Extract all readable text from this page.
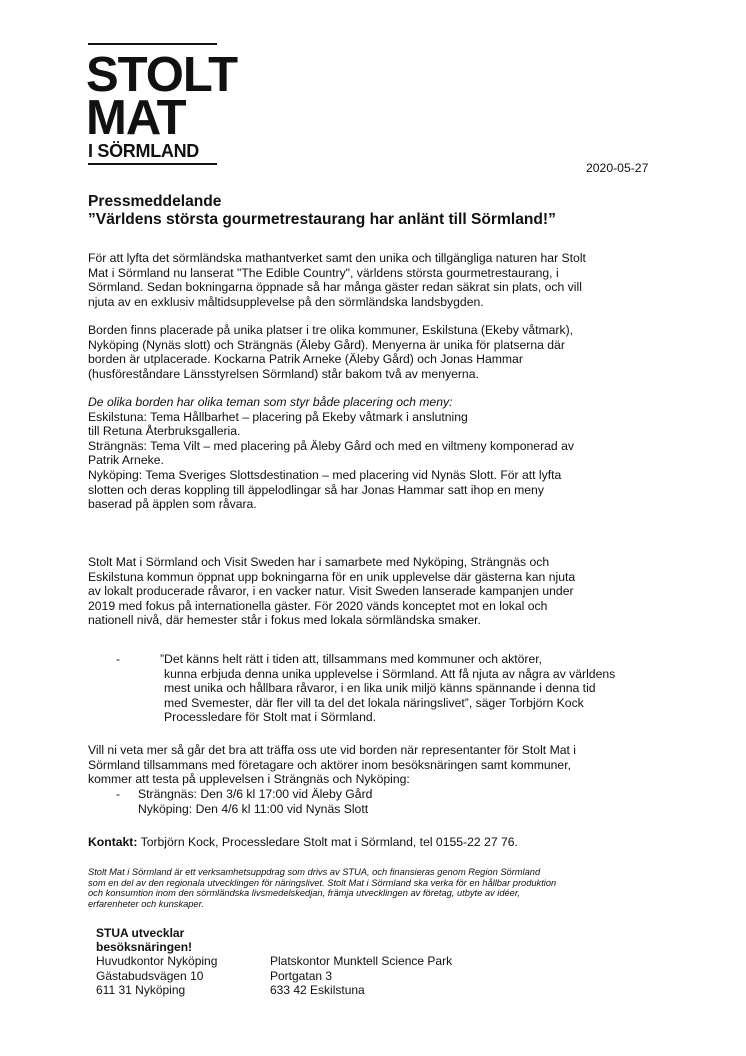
STOLT
MAT
I SÖRMLAND
2020-05-27
Pressmeddelande
”Världens största gourmetrestaurang har anlänt till Sörmland!”

För att lyfta det sörmländska mathantverket samt den unika och tillgängliga naturen har Stolt

Mat i Sörmland nu lanserat "The Edible Country", världens största gourmetrestaurang, i

Sörmland. Sedan bokningarna öppnade så har många gäster redan säkrat sin plats, och vill

njuta av en exklusiv måltidsupplevelse på den sörmländska landsbygden.

Borden finns placerade på unika platser i tre olika kommuner, Eskilstuna (Ekeby våtmark),

Nyköping (Nynäs slott) och Strängnäs (Äleby Gård). Menyerna är unika för platserna där

borden är utplacerade. Kockarna Patrik Arneke (Äleby Gård) och Jonas Hammar

(husföreståndare Länsstyrelsen Sörmland) står bakom två av menyerna.

De olika borden har olika teman som styr både placering och meny:

Eskilstuna: Tema Hållbarhet – placering på Ekeby våtmark i anslutning

till Retuna Återbruksgalleria.

Strängnäs: Tema Vilt – med placering på Äleby Gård och med en viltmeny komponerad av

Patrik Arneke.

Nyköping: Tema Sveriges Slottsdestination – med placering vid Nynäs Slott. För att lyfta

slotten och deras koppling till äppelodlingar så har Jonas Hammar satt ihop en meny

baserad på äpplen som råvara.

Stolt Mat i Sörmland och Visit Sweden har i samarbete med Nyköping, Strängnäs och

Eskilstuna kommun öppnat upp bokningarna för en unik upplevelse där gästerna kan njuta

av lokalt producerade råvaror, i en vacker natur. Visit Sweden lanserade kampanjen under

2019 med fokus på internationella gäster. För 2020 vänds konceptet mot en lokal och

nationell nivå, där hemester står i fokus med lokala sörmländska smaker.

-	”Det känns helt rätt i tiden att, tillsammans med kommuner och aktörer,
kunna erbjuda denna unika upplevelse i Sörmland. Att få njuta av några av världens
mest unika och hållbara råvaror, i en lika unik miljö känns spännande i denna tid
med Svemester, där fler vill ta del det lokala näringslivet”, säger Torbjörn Kock
Processledare för Stolt mat i Sörmland.

Vill ni veta mer så går det bra att träffa oss ute vid borden när representanter för Stolt Mat i

Sörmland tillsammans med företagare och aktörer inom besöksnäringen samt kommuner,

kommer att testa på upplevelsen i Strängnäs och Nyköping:

- Strängnäs: Den 3/6 kl 17:00 vid Äleby Gård
Nyköping: Den 4/6 kl 11:00 vid Nynäs Slott
Kontakt: Torbjörn Kock, Processledare Stolt mat i Sörmland, tel 0155-22 27 76.
Stolt Mat i Sörmland är ett verksamhetsuppdrag som drivs av STUA, och finansieras genom Region Sörmland
som en del av den regionala utvecklingen för näringslivet. Stolt Mat i Sörmland ska verka för en hållbar produktion
och konsumtion inom den sörmländska livsmedelskedjan, främja utvecklingen av företag, utbyte av idéer,
erfarenheter och kunskaper.
STUA utvecklar
besöksnäringen!
Huvudkontor Nyköping
Gästabudsvägen 10
611 31 Nyköping
Platskontor Munktell Science Park
Portgatan 3
633 42 Eskilstuna
